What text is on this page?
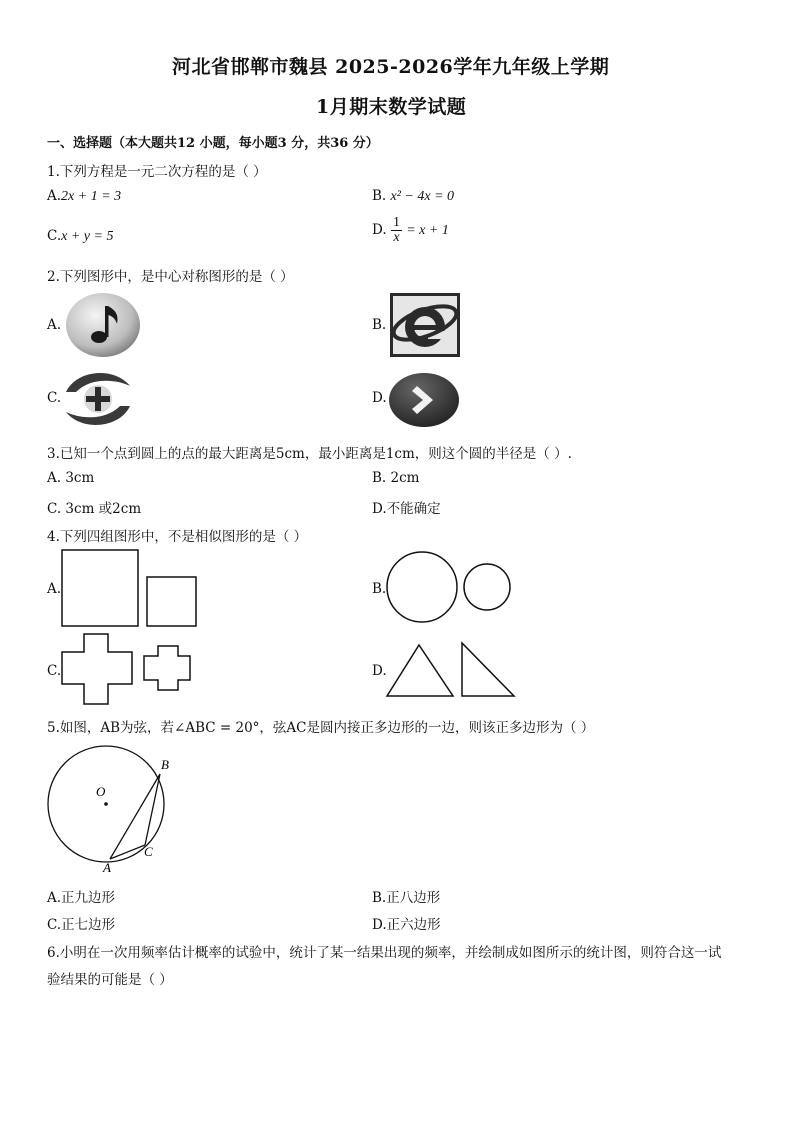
河北省邯郸市魏县 2025-2026学年九年级上学期
1月期末数学试题
一、选择题（本大题共12 小题，每小题3 分，共36 分）
1.下列方程是一元二次方程的是（ ）
A.2x + 1 = 3	B. x² − 4x = 0
C.x + y = 5	D. $\frac{1}{x} = x + 1$
2.下列图形中，是中心对称图形的是（ ）
A.	B.
C.	D.
3.已知一个点到圆上的点的最大距离是5cm，最小距离是1cm，则这个圆的半径是（ ）.
A. 3cm	B. 2cm
C. 3cm 或2cm	D.不能确定
4.下列四组图形中，不是相似图形的是（ ）
A.	B.
C.	D.
5.如图，AB为弦，若∠ABC = 20°，弦AC是圆内接正多边形的一边，则该正多边形为（ ）
O
B
C
A
A.正九边形	B.正八边形
C.正七边形	D.正六边形
6.小明在一次用频率估计概率的试验中，统计了某一结果出现的频率，并绘制成如图所示的统计图，则符合这一试
验结果的可能是（ ）
